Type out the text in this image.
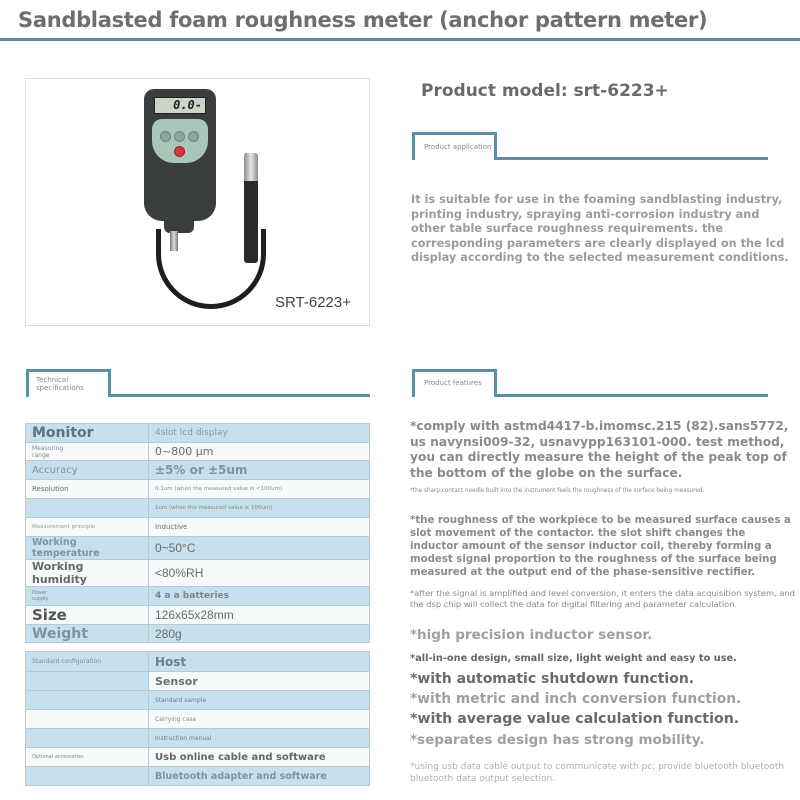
Sandblasted foam roughness meter (anchor pattern meter)
0.0-
SRT-6223+
Product model: srt-6223+
Product application
It is suitable for use in the foaming sandblasting industry, printing industry, spraying anti-corrosion industry and other table surface roughness requirements. the corresponding parameters are clearly displayed on the lcd display according to the selected measurement conditions.
Technical
specifications
Monitor	4slot lcd display

Measuring range	0~800 µm
Accuracy	±5% or ±5um
Resolution	0.1um (when the measured value is <100um)
	1um (when the measured value ≥ 100um)
Measurement principle	Inductive
Working temperature	0~50°C
Working humidity	<80%RH

Power supply	4 a a batteries
Size	126x65x28mm
Weight	280g
Standard configuration	Host
	Sensor
	Standard sample
	Carrying case
	Instruction manual
Optional accessories	Usb online cable and software
	Bluetooth adapter and software
Product features
*comply with astmd4417-b.imomsc.215 (82).sans5772, us navynsi009-32, usnavypp163101-000. test method, you can directly measure the height of the peak top of the bottom of the globe on the surface.
*the sharp contact needle built into the instrument feels the roughness of the surface being measured.
*the roughness of the workpiece to be measured surface causes a slot movement of the contactor. the slot shift changes the inductor amount of the sensor inductor coil, thereby forming a modest signal proportion to the roughness of the surface being measured at the output end of the phase-sensitive rectifier.
*after the signal is amplified and level conversion, it enters the data acquisition system, and the dsp chip will collect the data for digital filtering and parameter calculation.
*high precision inductor sensor.
*all-in-one design, small size, light weight and easy to use.
*with automatic shutdown function.
*with metric and inch conversion function.
*with average value calculation function.
*separates design has strong mobility.
*using usb data cable output to communicate with pc; provide bluetooth bluetooth bluetooth data output selection.
